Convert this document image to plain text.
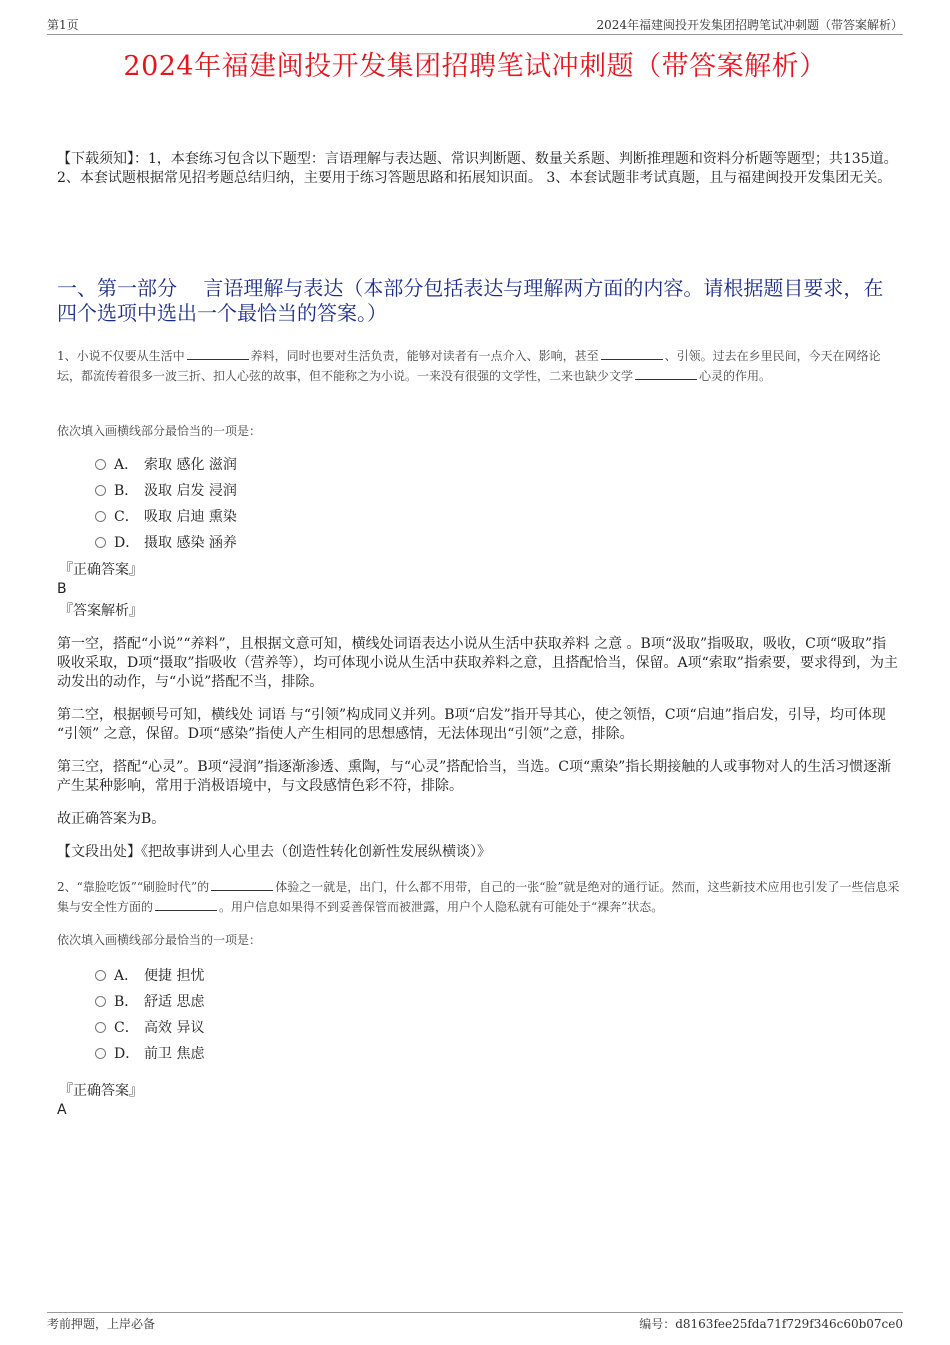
第1页	2024年福建闽投开发集团招聘笔试冲刺题（带答案解析）
2024年福建闽投开发集团招聘笔试冲刺题（带答案解析）
【下载须知】：1，本套练习包含以下题型：言语理解与表达题、常识判断题、数量关系题、判断推理题和资料分析题等题型；共135道。 2、本套试题根据常见招考题总结归纳，主要用于练习答题思路和拓展知识面。 3、本套试题非考试真题，且与福建闽投开发集团无关。
一、第一部分　 言语理解与表达（本部分包括表达与理解两方面的内容。请根据题目要求，在四个选项中选出一个最恰当的答案。）
1、小说不仅要从生活中	养料，同时也要对生活负责，能够对读者有一点介入、影响，甚至	、引领。过去在乡里民间，今天在网络论坛，都流传着很多一波三折、扣人心弦的故事，但不能称之为小说。一来没有很强的文学性，二来也缺少文学	心灵的作用。
依次填入画横线部分最恰当的一项是：
A． 索取 感化 滋润
B． 汲取 启发 浸润
C． 吸取 启迪 熏染
D． 摄取 感染 涵养
『正确答案』
B
『答案解析』
第一空，搭配“小说”“养料”，且根据文意可知，横线处词语表达小说从生活中获取养料 之意 。B项“汲取”指吸取，吸收，C项“吸取”指吸收采取，D项“摄取”指吸收（营养等），均可体现小说从生活中获取养料之意，且搭配恰当，保留。A项“索取”指索要，要求得到，为主动发出的动作，与“小说”搭配不当，排除。
第二空，根据顿号可知，横线处 词语 与“引领”构成同义并列。B项“启发”指开导其心，使之领悟，C项“启迪”指启发，引导，均可体现 “引领” 之意，保留。D项“感染”指使人产生相同的思想感情，无法体现出“引领”之意，排除。
第三空，搭配“心灵”。B项“浸润”指逐渐渗透、熏陶，与“心灵”搭配恰当，当选。C项“熏染”指长期接触的人或事物对人的生活习惯逐渐产生某种影响，常用于消极语境中，与文段感情色彩不符，排除。
故正确答案为B。
【文段出处】《把故事讲到人心里去（创造性转化创新性发展纵横谈）》
2、“靠脸吃饭”“刷脸时代”的	体验之一就是，出门，什么都不用带，自己的一张“脸”就是绝对的通行证。然而，这些新技术应用也引发了一些信息采集与安全性方面的	。用户信息如果得不到妥善保管而被泄露，用户个人隐私就有可能处于“裸奔”状态。
依次填入画横线部分最恰当的一项是：
A． 便捷 担忧
B． 舒适 思虑
C． 高效 异议
D． 前卫 焦虑
『正确答案』
A
考前押题，上岸必备	编号：d8163fee25fda71f729f346c60b07ce0
